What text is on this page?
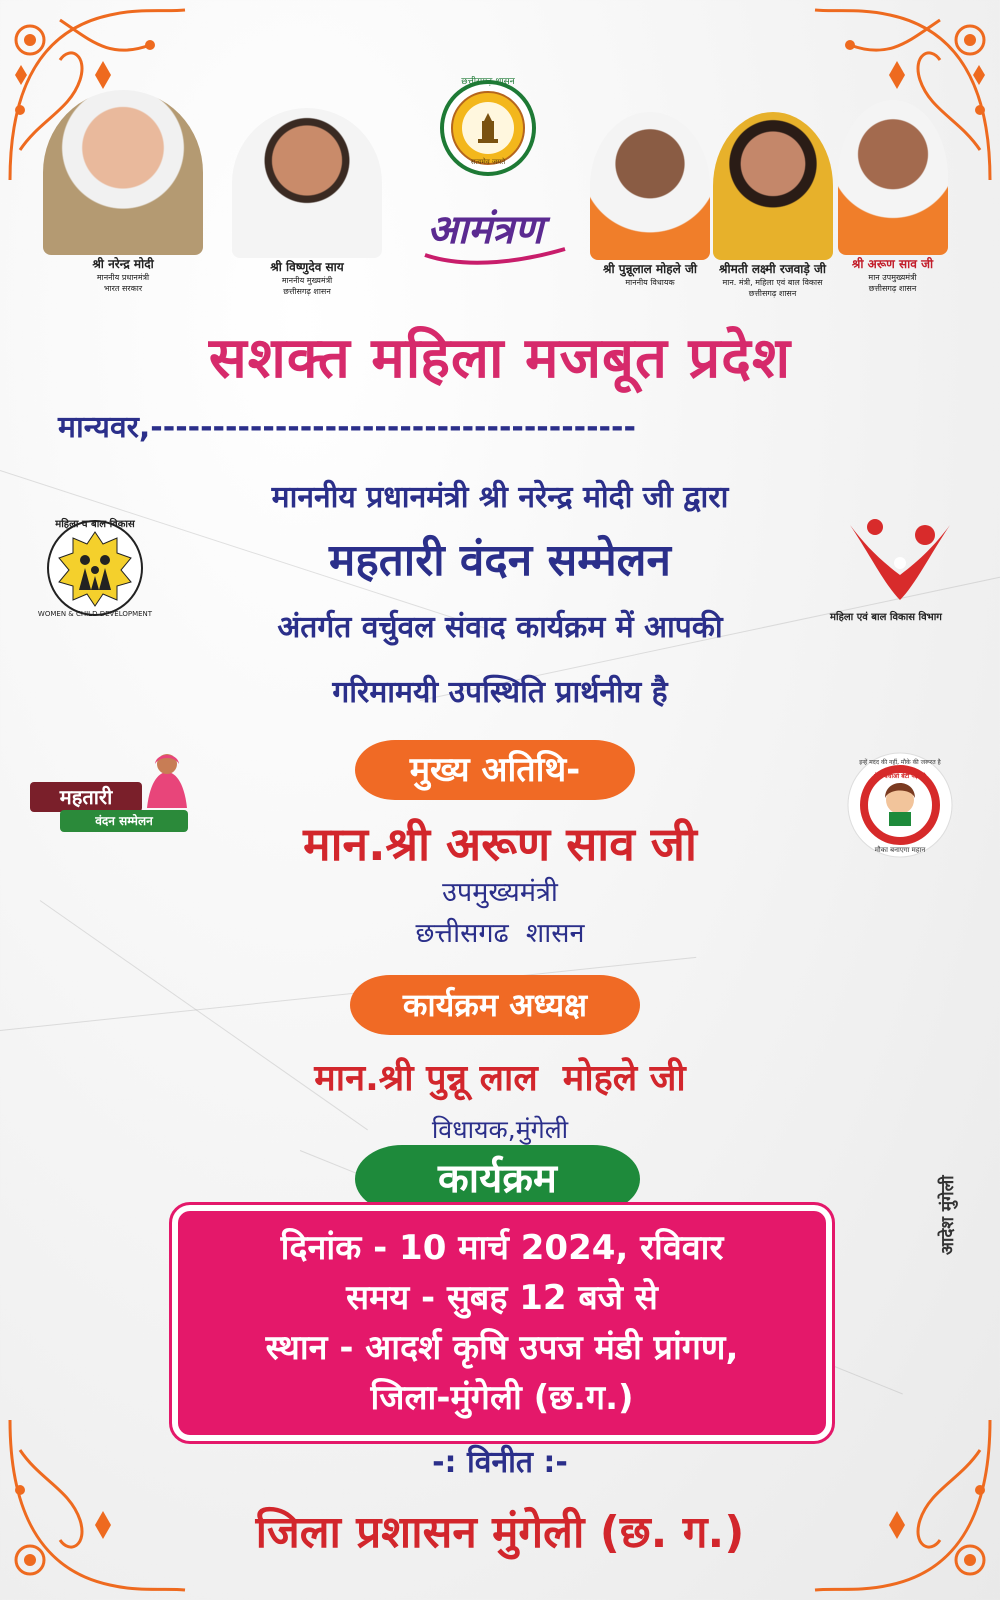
छत्तीसगढ़ शासन
सत्यमेव जयते
आमंत्रण
श्री नरेन्द्र मोदी
माननीय प्रधानमंत्री
भारत सरकार
श्री विष्णुदेव साय
माननीय मुख्यमंत्री
छत्तीसगढ़ शासन
श्री पुन्नूलाल मोहले जी
माननीय विधायक
श्रीमती लक्ष्मी रजवाड़े जी
मान. मंत्री, महिला एवं बाल विकास
छत्तीसगढ़ शासन
श्री अरूण साव जी
मान उपमुख्यमंत्री
छत्तीसगढ़ शासन
सशक्त महिला मजबूत प्रदेश
मान्यवर,---------------------------------------
माननीय प्रधानमंत्री श्री नरेन्द्र मोदी जी द्वारा
महतारी वंदन सम्मेलन
अंतर्गत वर्चुवल संवाद कार्यक्रम में आपकी
गरिमामयी उपस्थिति प्रार्थनीय है
महिला व बाल विकास
WOMEN & CHILD DEVELOPMENT	महिला एवं बाल विकास विभाग
महतारी
वंदन सम्मेलन
इन्हें मदद की नहीं, मौके की जरूरत है
बेटी बचाओ बेटी पढ़ाओ
मौका बनाएगा महान
मुख्य अतिथि-
मान.श्री अरूण साव जी
उपमुख्यमंत्री
छत्तीसगढ  शासन
कार्यक्रम अध्यक्ष
मान.श्री पुन्नू लाल  मोहले जी
विधायक,मुंगेली
कार्यक्रम
दिनांक - 10 मार्च 2024, रविवार
समय - सुबह 12 बजे से
स्थान - आदर्श कृषि उपज मंडी प्रांगण,
जिला-मुंगेली (छ.ग.)
आदेश मुंगेली
-: विनीत :-
जिला प्रशासन मुंगेली (छ. ग.)
